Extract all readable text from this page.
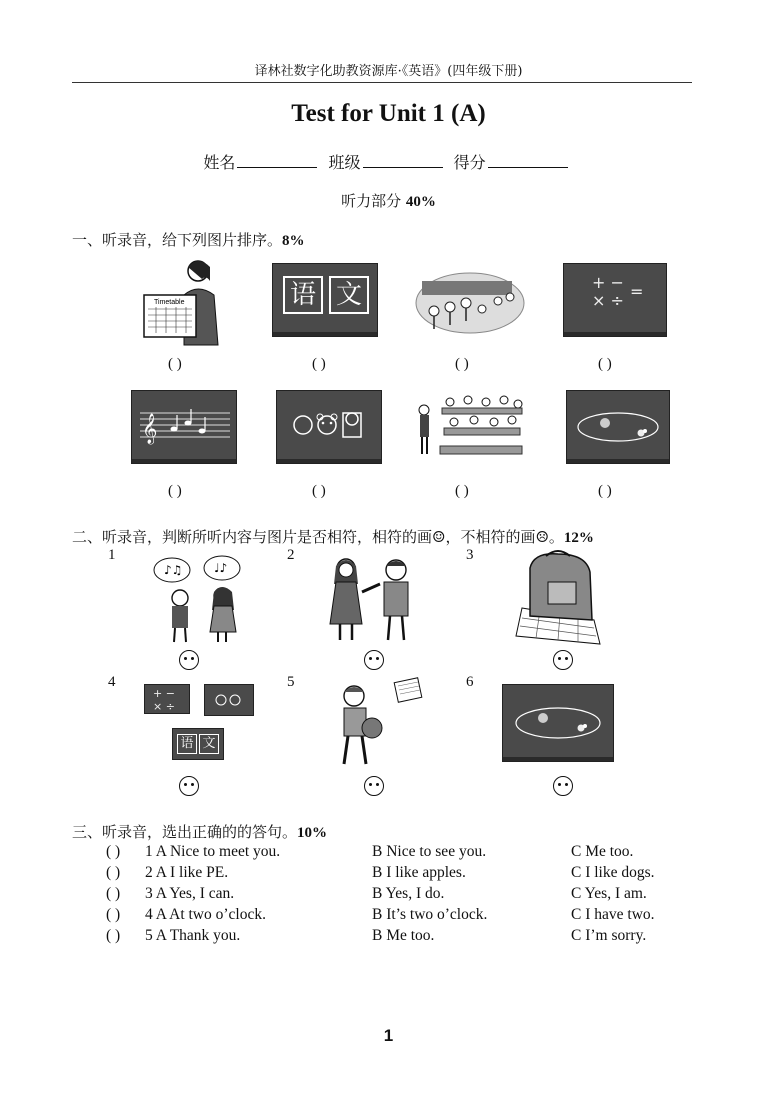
译林社数字化助教资源库·《英语》(四年级下册)
Test for Unit 1 (A)
姓名	班级	得分
听力部分 40%
一、听录音，给下列图片排序。8%
Timetable	语 文	+ −
× ÷ =
( )	( )	( )	( )
𝄞
( )	( )	( )	( )
二、听录音，判断所听内容与图片是否相符，相符的画☺，不相符的画☹。12%
1	2	3
♪♫	♩♪
4	5	6
+ −
× ÷
语 文
三、听录音，选出正确的的答句。10%
( ) 1 A Nice to meet you.	B Nice to see you.	C Me too.
( ) 2 A I like PE.	B I like apples.	C I like dogs.
( ) 3 A Yes, I can.	B Yes, I do.	C Yes, I am.
( ) 4 A At two o’clock.	B It’s two o’clock.	C I have two.
( ) 5 A Thank you.	B Me too.	C I’m sorry.
1
